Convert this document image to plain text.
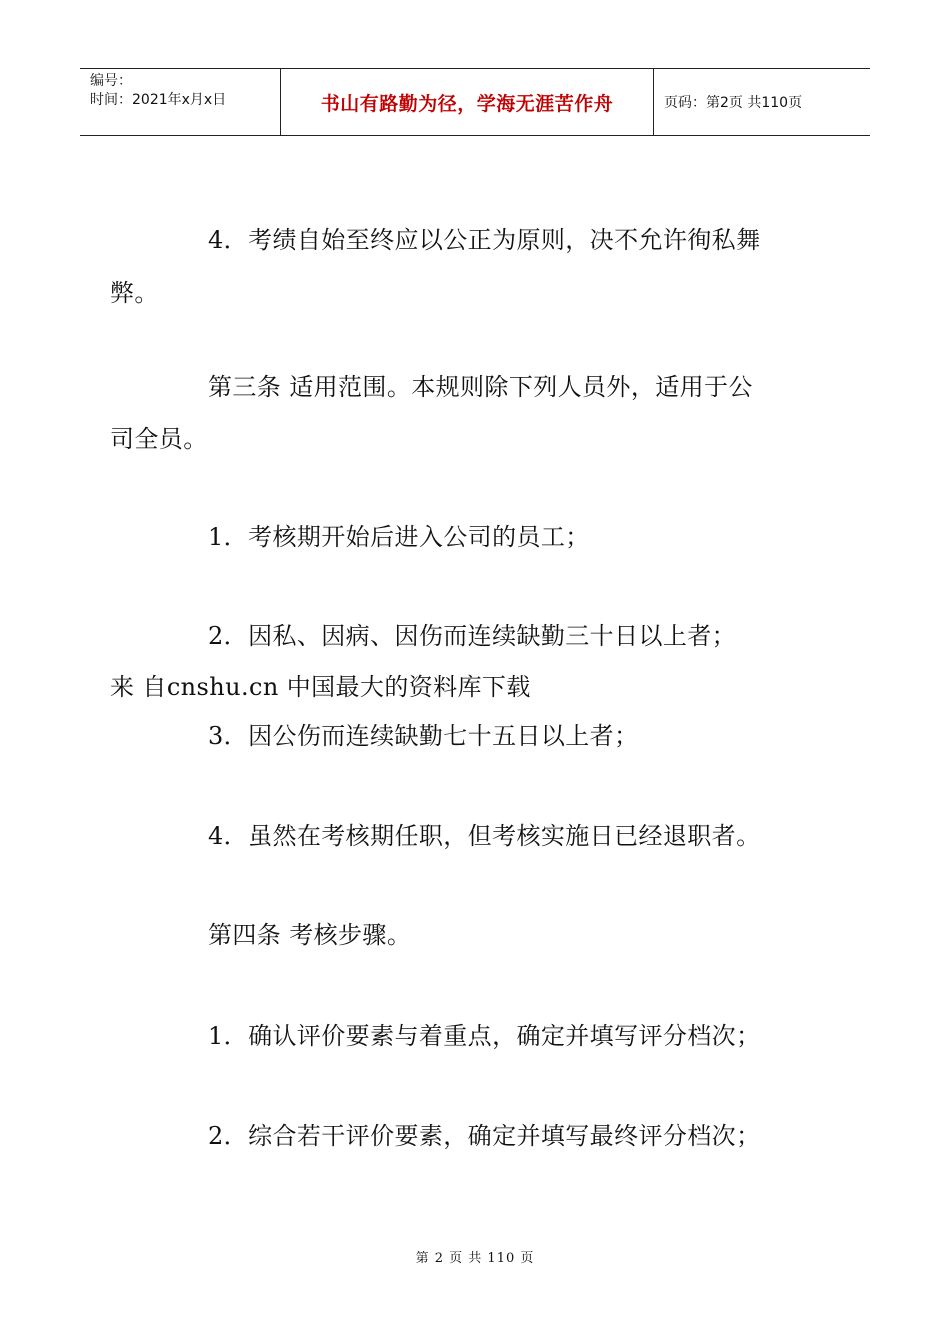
编号：
时间：2021年x月x日	书山有路勤为径，学海无涯苦作舟	页码：第2页 共110页
4．考绩自始至终应以公正为原则，决不允许徇私舞
弊。
第三条 适用范围。本规则除下列人员外，适用于公
司全员。
1．考核期开始后进入公司的员工；
2．因私、因病、因伤而连续缺勤三十日以上者；
来 自cnshu.cn 中国最大的资料库下载
3．因公伤而连续缺勤七十五日以上者；
4．虽然在考核期任职，但考核实施日已经退职者。
第四条 考核步骤。
1．确认评价要素与着重点，确定并填写评分档次；
2．综合若干评价要素，确定并填写最终评分档次；
第 2 页 共 110 页
